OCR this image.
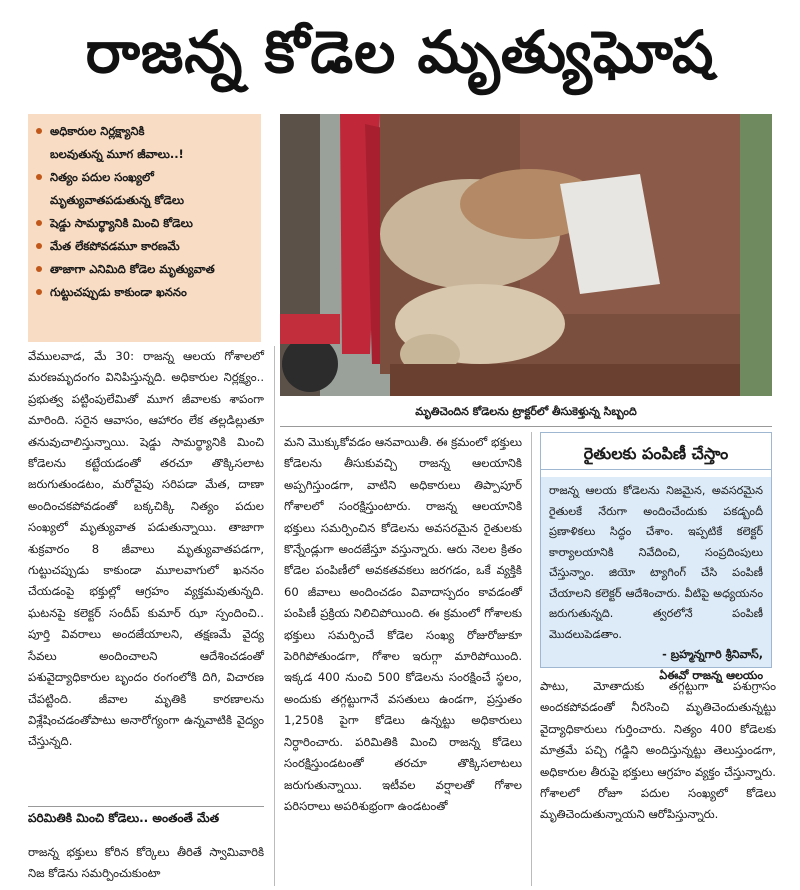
రాజన్న కోడెల మృత్యుఘోష
అధికారుల నిర్లక్ష్యానికి
బలవుతున్న మూగ జీవాలు..!
నిత్యం పదుల సంఖ్యలో
మృత్యువాతపడుతున్న కోడెలు
షెడ్డు సామర్థ్యానికి మించి కోడెలు
మేత లేకపోవడమూ కారణమే
తాజాగా ఎనిమిది కోడెల మృత్యువాత
గుట్టుచప్పుడు కాకుండా ఖననం
మృతిచెందిన కోడెలను ట్రాక్టర్‌లో తీసుకెళ్తున్న సిబ్బంది

వేములవాడ, మే 30: రాజన్న ఆలయ గోశాలలో మరణమృదంగం వినిపిస్తున్నది. అధికారుల నిర్లక్ష్యం.. ప్రభుత్వ పట్టింపులేమితో మూగ జీవాలకు శాపంగా మారింది. సరైన ఆవాసం, ఆహారం లేక తల్లడిల్లుతూ తనువుచాలిస్తున్నాయి. షెడ్డు సామర్థ్యానికి మించి కోడెలను కట్టేయడంతో తరచూ తొక్కిసలాట జరుగుతుండటం, మరోవైపు సరిపడా మేత, దాణా అందించకపోవడంతో బక్కచిక్కి నిత్యం పదుల సంఖ్యలో మృత్యువాత పడుతున్నాయి. తాజాగా శుక్రవారం 8 జీవాలు మృత్యువాతపడగా, గుట్టుచప్పుడు కాకుండా మూలవాగులో ఖననం చేయడంపై భక్తుల్లో ఆగ్రహం వ్యక్తమవుతున్నది. ఘటనపై కలెక్టర్ సందీప్ కుమార్ ఝా స్పందించి.. పూర్తి వివరాలు అందజేయాలని, తక్షణమే వైద్య సేవలు అందించాలని ఆదేశించడంతో పశువైద్యాధికారుల బృందం రంగంలోకి దిగి, విచారణ చేపట్టింది. జీవాల మృతికి కారణాలను విశ్లేషించడంతోపాటు అనారోగ్యంగా ఉన్నవాటికి వైద్యం చేస్తున్నది.

పరిమితికి మించి కోడెలు.. అంతంతే మేత

రాజన్న భక్తులు కోరిన కోర్కెలు తీరితే స్వామివారికి నిజ కోడెను సమర్పించుకుంటా

మని మొక్కుకోవడం ఆనవాయితీ. ఈ క్రమంలో భక్తులు కోడెలను తీసుకువచ్చి రాజన్న ఆలయానికి అప్పగిస్తుండగా, వాటిని అధికారులు తిప్పాపూర్ గోశాలలో సంరక్షిస్తుంటారు. రాజన్న ఆలయానికి భక్తులు సమర్పించిన కోడెలను అవసరమైన రైతులకు కొన్నేండ్లుగా అందజేస్తూ వస్తున్నారు. ఆరు నెలల క్రితం కోడెల పంపిణీలో అవకతవకలు జరగడం, ఒకే వ్యక్తికి 60 జీవాలు అందించడం వివాదాస్పదం కావడంతో పంపిణీ ప్రక్రియ నిలిచిపోయింది. ఈ క్రమంలో గోశాలకు భక్తులు సమర్పించే కోడెల సంఖ్య రోజురోజుకూ పెరిగిపోతుండగా, గోశాల ఇరుగ్గా మారిపోయింది. ఇక్కడ 400 నుంచి 500 కోడెలను సంరక్షించే స్థలం, అందుకు తగ్గట్టుగానే వసతులు ఉండగా, ప్రస్తుతం 1,250కి పైగా కోడెలు ఉన్నట్టు అధికారులు నిర్ధారించారు. పరిమితికి మించి రాజన్న కోడెలు సంరక్షిస్తుండటంతో తరచూ తొక్కిసలాటలు జరుగుతున్నాయి. ఇటీవల వర్షాలతో గోశాల పరిసరాలు అపరిశుభ్రంగా ఉండటంతో

రైతులకు పంపిణీ చేస్తాం
రాజన్న ఆలయ కోడెలను నిజమైన, అవసరమైన రైతులకే నేరుగా అందించేందుకు పకడ్బందీ ప్రణాళికలు సిద్ధం చేశాం. ఇప్పటికే కలెక్టర్ కార్యాలయానికి నివేదించి, సంప్రదింపులు చేస్తున్నాం. జియో ట్యాగింగ్ చేసి పంపిణీ చేయాలని కలెక్టర్ ఆదేశించారు. వీటిపై అధ్యయనం జరుగుతున్నది. త్వరలోనే పంపిణీ మొదలుపెడతాం.
- బ్రహ్మన్నగారి శ్రీనివాస్,
ఏఈవో రాజన్న ఆలయం

పాటు, మోతాదుకు తగ్గట్టుగా పశుగ్రాసం అందకపోవడంతో నీరసించి మృతిచెందుతున్నట్టు వైద్యాధికారులు గుర్తించారు. నిత్యం 400 కోడెలకు మాత్రమే పచ్చి గడ్డిని అందిస్తున్నట్టు తెలుస్తుండగా, అధికారుల తీరుపై భక్తులు ఆగ్రహం వ్యక్తం చేస్తున్నారు. గోశాలలో రోజూ పదుల సంఖ్యలో కోడెలు మృతిచెందుతున్నాయని ఆరోపిస్తున్నారు.
